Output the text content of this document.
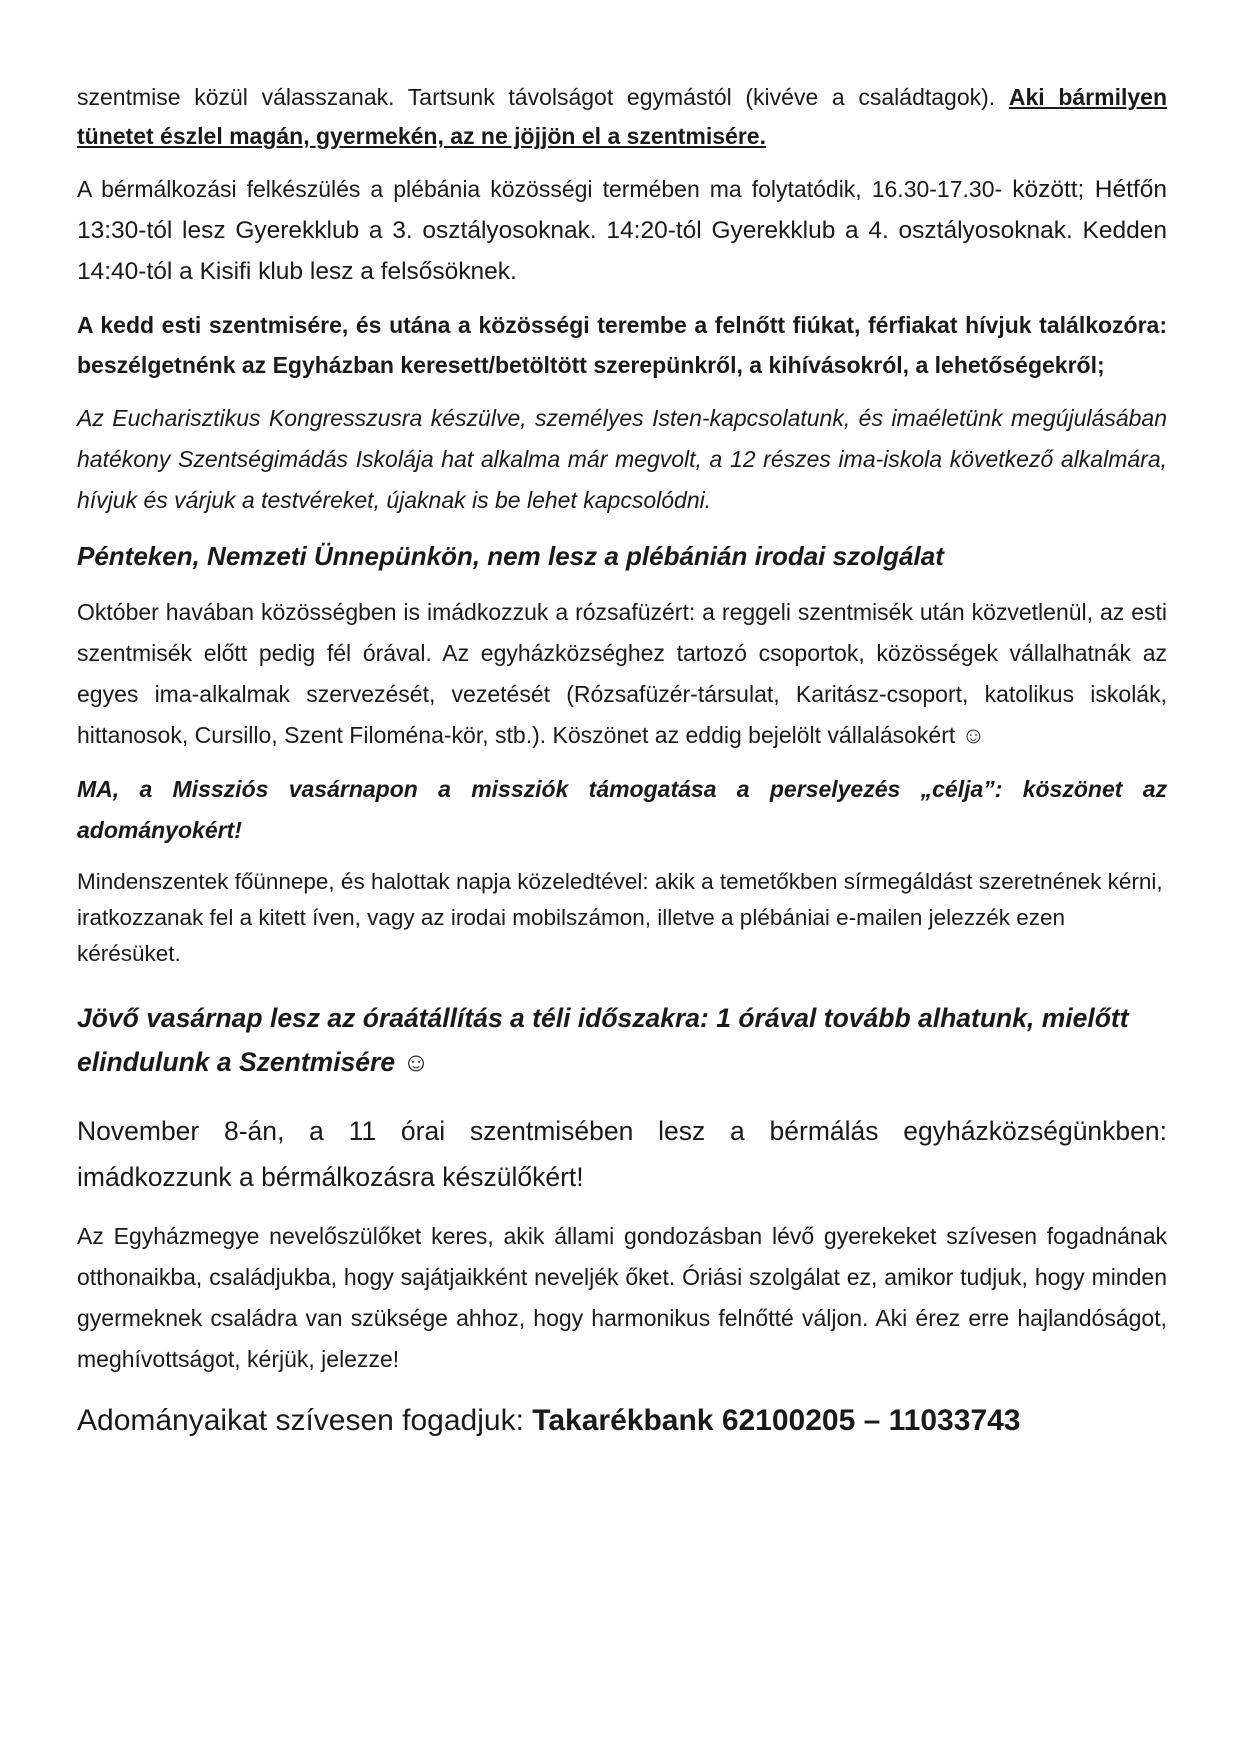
szentmise közül válasszanak. Tartsunk távolságot egymástól (kivéve a családtagok). Aki bármilyen tünetet észlel magán, gyermekén, az ne jöjjön el a szentmisére.

A bérmálkozási felkészülés a plébánia közösségi termében ma folytatódik, 16.30-17.30- között; Hétfőn 13:30-tól lesz Gyerekklub a 3. osztályosoknak. 14:20-tól Gyerekklub a 4. osztályosoknak. Kedden 14:40-tól a Kisifi klub lesz a felsősöknek.

A kedd esti szentmisére, és utána a közösségi terembe a felnőtt fiúkat, férfiakat hívjuk találkozóra: beszélgetnénk az Egyházban keresett/betöltött szerepünkről, a kihívásokról, a lehetőségekről;

Az Eucharisztikus Kongresszusra készülve, személyes Isten-kapcsolatunk, és imaéletünk megújulásában hatékony Szentségimádás Iskolája hat alkalma már megvolt, a 12 részes ima-iskola következő alkalmára, hívjuk és várjuk a testvéreket, újaknak is be lehet kapcsolódni.

Pénteken, Nemzeti Ünnepünkön, nem lesz a plébánián irodai szolgálat

Október havában közösségben is imádkozzuk a rózsafüzért: a reggeli szentmisék után közvetlenül, az esti szentmisék előtt pedig fél órával. Az egyházközséghez tartozó csoportok, közösségek vállalhatnák az egyes ima-alkalmak szervezését, vezetését (Rózsafüzér-társulat, Karitász-csoport, katolikus iskolák, hittanosok, Cursillo, Szent Filoména-kör, stb.). Köszönet az eddig bejelölt vállalásokért ☺

MA, a Missziós vasárnapon a missziók támogatása a perselyezés „célja”: köszönet az adományokért!

Mindenszentek főünnepe, és halottak napja közeledtével: akik a temetőkben sírmegáldást szeretnének kérni, iratkozzanak fel a kitett íven, vagy az irodai mobilszámon, illetve a plébániai e-mailen jelezzék ezen kérésüket.

Jövő vasárnap lesz az óraátállítás a téli időszakra: 1 órával tovább alhatunk, mielőtt elindulunk a Szentmisére ☺

November 8-án, a 11 órai szentmisében lesz a bérmálás egyházközségünkben: imádkozzunk a bérmálkozásra készülőkért!

Az Egyházmegye nevelőszülőket keres, akik állami gondozásban lévő gyerekeket szívesen fogadnának otthonaikba, családjukba, hogy sajátjaikként neveljék őket. Óriási szolgálat ez, amikor tudjuk, hogy minden gyermeknek családra van szüksége ahhoz, hogy harmonikus felnőtté váljon. Aki érez erre hajlandóságot, meghívottságot, kérjük, jelezze!

Adományaikat szívesen fogadjuk: Takarékbank 62100205 – 11033743
